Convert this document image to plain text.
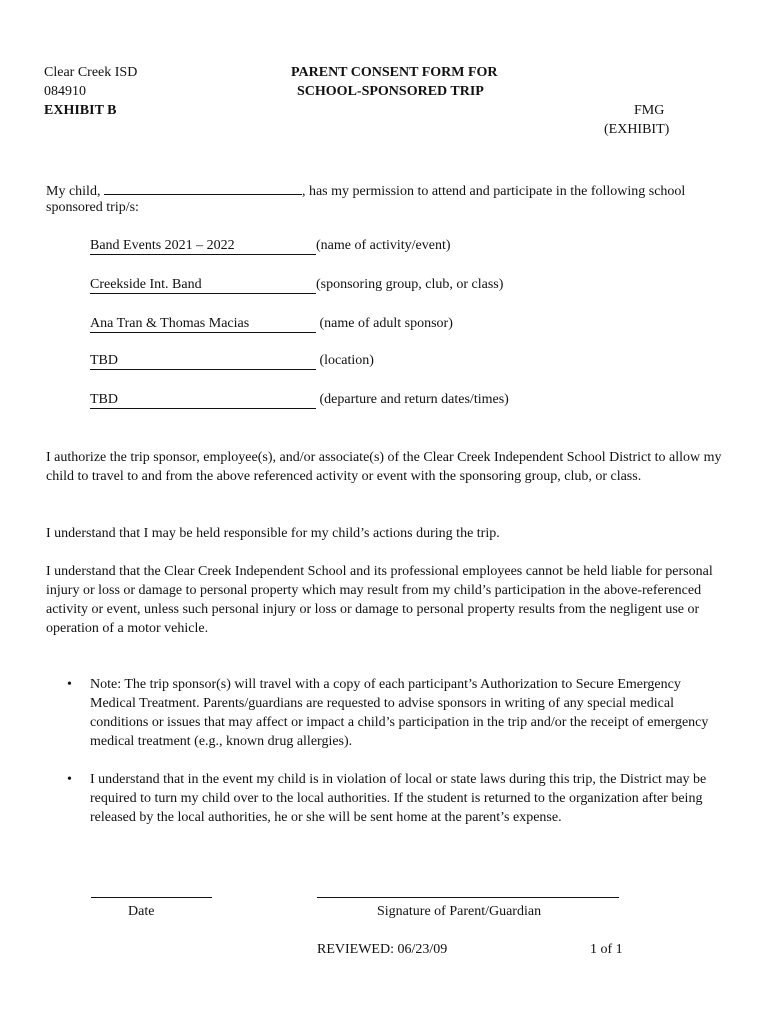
Clear Creek ISD
084910
EXHIBIT B
PARENT CONSENT FORM FOR
SCHOOL-SPONSORED TRIP
FMG
(EXHIBIT)
My child,	, has my permission to attend and participate in the following school
sponsored trip/s:
Band Events 2021 – 2022	(name of activity/event)
Creekside Int. Band	(sponsoring group, club, or class)
Ana Tran & Thomas Macias	(name of adult sponsor)
TBD	(location)
TBD	(departure and return dates/times)
I authorize the trip sponsor, employee(s), and/or associate(s) of the Clear Creek Independent School District to allow my child to travel to and from the above referenced activity or event with the sponsoring group, club, or class.
I understand that I may be held responsible for my child’s actions during the trip.
I understand that the Clear Creek Independent School and its professional employees cannot be held liable for personal injury or loss or damage to personal property which may result from my child’s participation in the above-referenced activity or event, unless such personal injury or loss or damage to personal property results from the negligent use or operation of a motor vehicle.
• Note: The trip sponsor(s) will travel with a copy of each participant’s Authorization to Secure Emergency Medical Treatment. Parents/guardians are requested to advise sponsors in writing of any special medical conditions or issues that may affect or impact a child’s participation in the trip and/or the receipt of emergency medical treatment (e.g., known drug allergies).
• I understand that in the event my child is in violation of local or state laws during this trip, the District may be required to turn my child over to the local authorities. If the student is returned to the organization after being released by the local authorities, he or she will be sent home at the parent’s expense.
Date	Signature of Parent/Guardian
REVIEWED: 06/23/09	1 of 1
